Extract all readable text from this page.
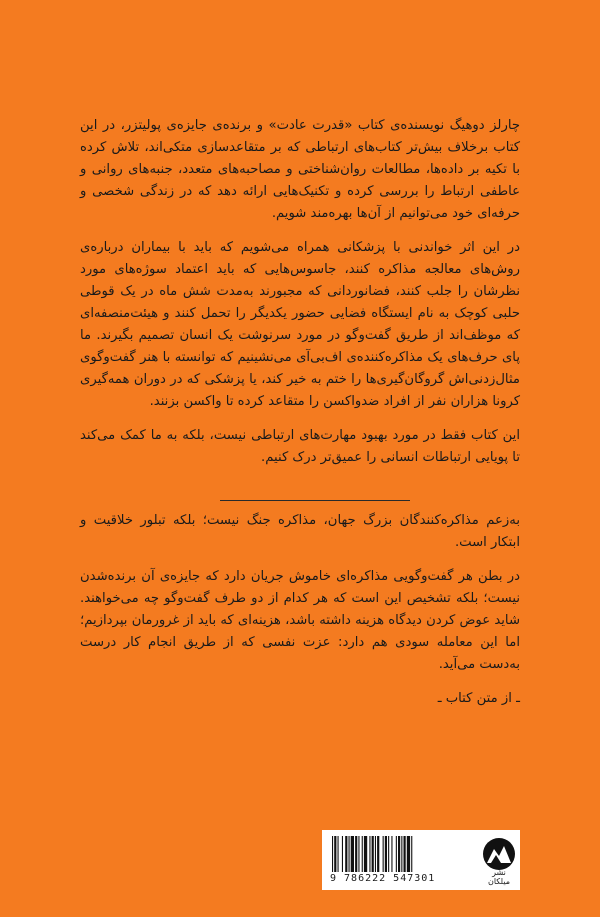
چارلز دوهیگ نویسنده‌ی کتاب «قدرت عادت» و برنده‌ی جایزه‌ی پولیتزر، در این کتاب برخلاف بیش‌تر کتاب‌های ارتباطی که بر متقاعدسازی متکی‌اند، تلاش کرده با تکیه بر داده‌ها، مطالعات روان‌شناختی و مصاحبه‌های متعدد، جنبه‌های روانی و عاطفی ارتباط را بررسی کرده و تکنیک‌هایی ارائه دهد که در زندگی شخصی و حرفه‌ای خود می‌توانیم از آن‌ها بهره‌مند شویم.

در این اثر خواندنی با پزشکانی همراه می‌شویم که باید با بیماران درباره‌ی روش‌های معالجه مذاکره کنند، جاسوس‌هایی که باید اعتماد سوژه‌های مورد نظرشان را جلب کنند، فضانوردانی که مجبورند به‌مدت شش ماه در یک قوطی حلبی کوچک به نام ایستگاه فضایی حضور یکدیگر را تحمل کنند و هیئت‌منصفه‌ای که موظف‌اند از طریق گفت‌وگو در مورد سرنوشت یک انسان تصمیم بگیرند. ما پای حرف‌های یک مذاکره‌کننده‌ی اف‌بی‌آی می‌نشینیم که توانسته با هنر گفت‌وگوی مثال‌زدنی‌اش گروگان‌گیری‌ها را ختم به خیر کند، یا پزشکی که در دوران همه‌گیری کرونا هزاران نفر از افراد ضدواکسن را متقاعد کرده تا واکسن بزنند.

این کتاب فقط در مورد بهبود مهارت‌های ارتباطی نیست، بلکه به ما کمک می‌کند تا پویایی ارتباطات انسانی را عمیق‌تر درک کنیم.

به‌زعم مذاکره‌کنندگان بزرگ جهان، مذاکره جنگ نیست؛ بلکه تبلور خلاقیت و ابتکار است.

در بطن هر گفت‌وگویی مذاکره‌ای خاموش جریان دارد که جایزه‌ی آن برنده‌شدن نیست؛ بلکه تشخیص این است که هر کدام از دو طرف گفت‌وگو چه می‌خواهند. شاید عوض کردن دیدگاه هزینه داشته باشد، هزینه‌ای که باید از غرورمان بپردازیم؛ اما این معامله سودی هم دارد: عزت نفسی که از طریق انجام کار درست به‌دست می‌آید.

ـ از متن کتاب ـ

9 786222 547301
نشر میلکان
